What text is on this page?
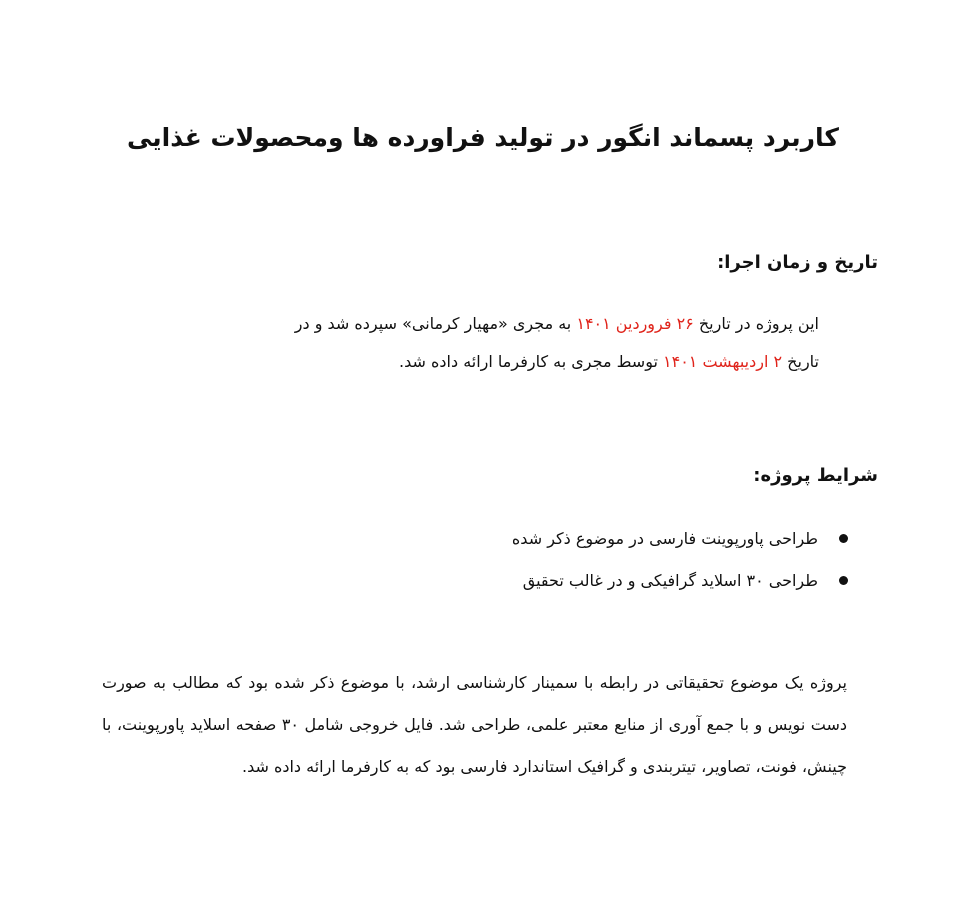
کاربرد پسماند انگور در تولید فراورده ها ومحصولات غذایی
تاریخ و زمان اجرا:

این پروژه در تاریخ ۲۶ فروردین ۱۴۰۱ به مجری «مهیار کرمانی» سپرده شد و در
تاریخ ۲ اردیبهشت ۱۴۰۱ توسط مجری به کارفرما ارائه داده شد.

شرایط پروژه:
طراحی پاورپوینت فارسی در موضوع ذکر شده
طراحی ۳۰ اسلاید گرافیکی و در غالب تحقیق

پروژه یک موضوع تحقیقاتی در رابطه با سمینار کارشناسی ارشد، با موضوع ذکر شده بود که مطالب به صورت دست نویس و با جمع آوری از منابع معتبر علمی، طراحی شد. فایل خروجی شامل ۳۰ صفحه اسلاید پاورپوینت، با چینش، فونت، تصاویر، تیتربندی و گرافیک استاندارد فارسی بود که به کارفرما ارائه داده شد.
